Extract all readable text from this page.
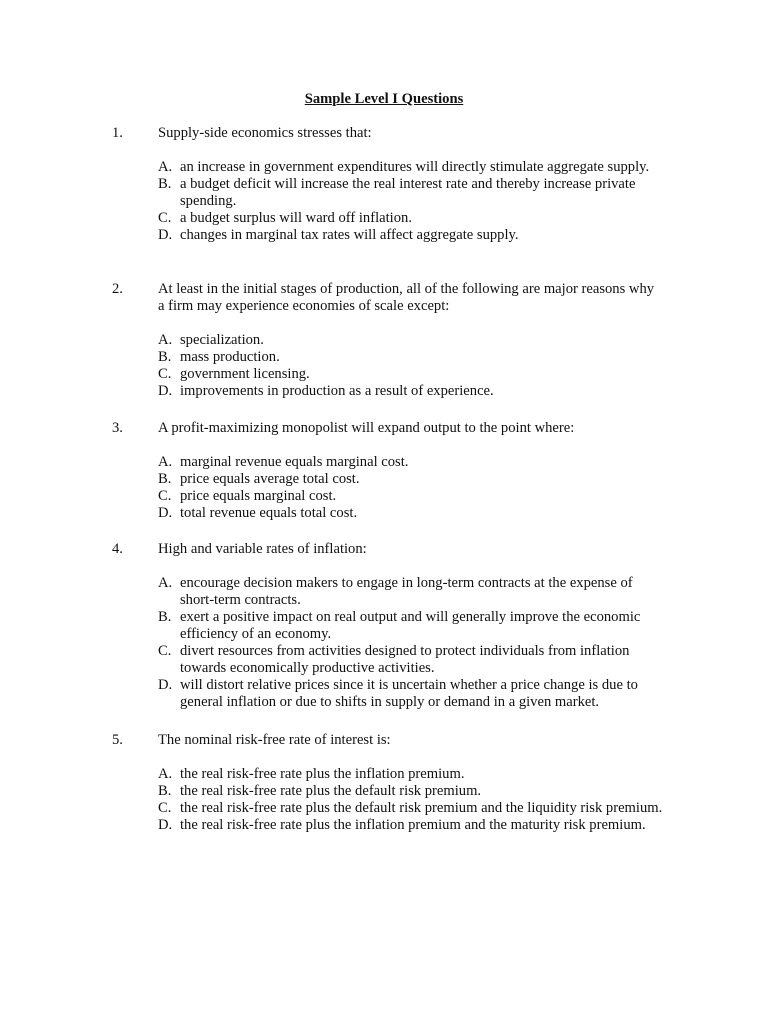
Sample Level I Questions
1.	Supply-side economics stresses that:
A. an increase in government expenditures will directly stimulate aggregate supply.
B. a budget deficit will increase the real interest rate and thereby increase private spending.
C. a budget surplus will ward off inflation.
D. changes in marginal tax rates will affect aggregate supply.
2.	At least in the initial stages of production, all of the following are major reasons why a firm may experience economies of scale except:
A. specialization.
B. mass production.
C. government licensing.
D. improvements in production as a result of experience.
3.	A profit-maximizing monopolist will expand output to the point where:
A. marginal revenue equals marginal cost.
B. price equals average total cost.
C. price equals marginal cost.
D. total revenue equals total cost.
4.	High and variable rates of inflation:
A. encourage decision makers to engage in long-term contracts at the expense of short-term contracts.
B. exert a positive impact on real output and will generally improve the economic efficiency of an economy.
C. divert resources from activities designed to protect individuals from inflation towards economically productive activities.
D. will distort relative prices since it is uncertain whether a price change is due to general inflation or due to shifts in supply or demand in a given market.
5.	The nominal risk-free rate of interest is:
A. the real risk-free rate plus the inflation premium.
B. the real risk-free rate plus the default risk premium.
C. the real risk-free rate plus the default risk premium and the liquidity risk premium.
D. the real risk-free rate plus the inflation premium and the maturity risk premium.
